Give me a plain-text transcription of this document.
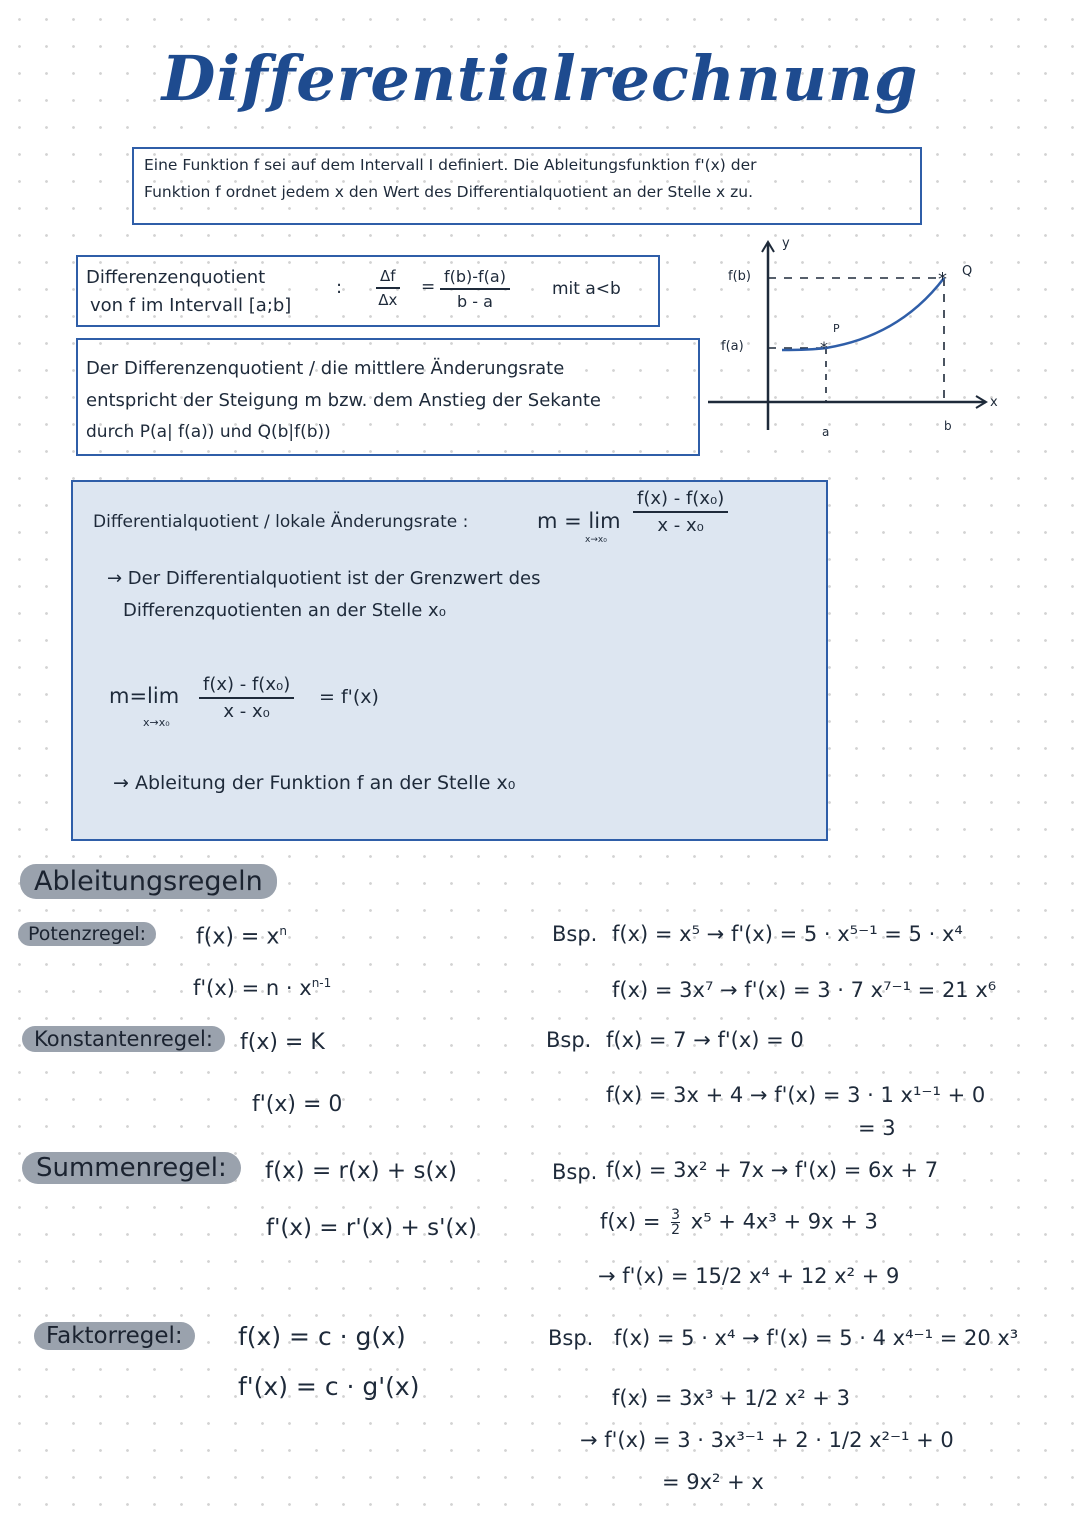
Differentialrechnung
Eine Funktion f sei auf dem Intervall I definiert. Die Ableitungsfunktion f'(x) der
Funktion f ordnet jedem x den Wert des Differentialquotient an der Stelle x zu.
Differenzenquotient
von f im Intervall [a;b]
: $\frac{\Delta f}{\Delta x} = \frac{f(b)-f(a)}{b - a}$ mit a<b
Der Differenzenquotient / die mittlere Änderungsrate
entspricht der Steigung m bzw. dem Anstieg der Sekante
durch P(a| f(a)) und Q(b|f(b))
*
*
y
x
f(b)
f(a)
a	b
P
Q
Differentialquotient / lokale Änderungsrate :	m = lim
x→x₀
$\frac{\text{f(x) - f(x₀)}}{\text{x - x₀}}$
→ Der Differentialquotient ist der Grenzwert des
Differenzquotienten an der Stelle x₀
m=lim
x→x₀
$\frac{\text{f(x) - f(x₀)}}{\text{x - x₀}} = f'(x)$
→ Ableitung der Funktion f an der Stelle x₀
Ableitungsregeln
Potenzregel:	$f(x) = x^n$
$f'(x) = n \cdot x^{n-1}$
Konstantenregel:	f(x) = K
f'(x) = 0
Summenregel:	f(x) = r(x) + s(x)
f'(x) = r'(x) + s'(x)
Faktorregel:	f(x) = c · g(x)
f'(x) = c · g'(x)
Bsp. f(x) = x⁵ → f'(x) = 5 · x⁵⁻¹ = 5 · x⁴
f(x) = 3x⁷ → f'(x) = 3 · 7 x⁷⁻¹ = 21 x⁶
Bsp. f(x) = 7 → f'(x) = 0
f(x) = 3x + 4 → f'(x) = 3 · 1 x¹⁻¹ + 0
= 3
Bsp. f(x) = 3x² + 7x → f'(x) = 6x + 7
$f(x) = \frac{3}{2} x^5 + 4x^3 + 9x + 3$
→ f'(x) = 15/2 x⁴ + 12 x² + 9
Bsp. f(x) = 5 · x⁴ → f'(x) = 5 · 4 x⁴⁻¹ = 20 x³
f(x) = 3x³ + 1/2 x² + 3
→ f'(x) = 3 · 3x³⁻¹ + 2 · 1/2 x²⁻¹ + 0
= 9x² + x
